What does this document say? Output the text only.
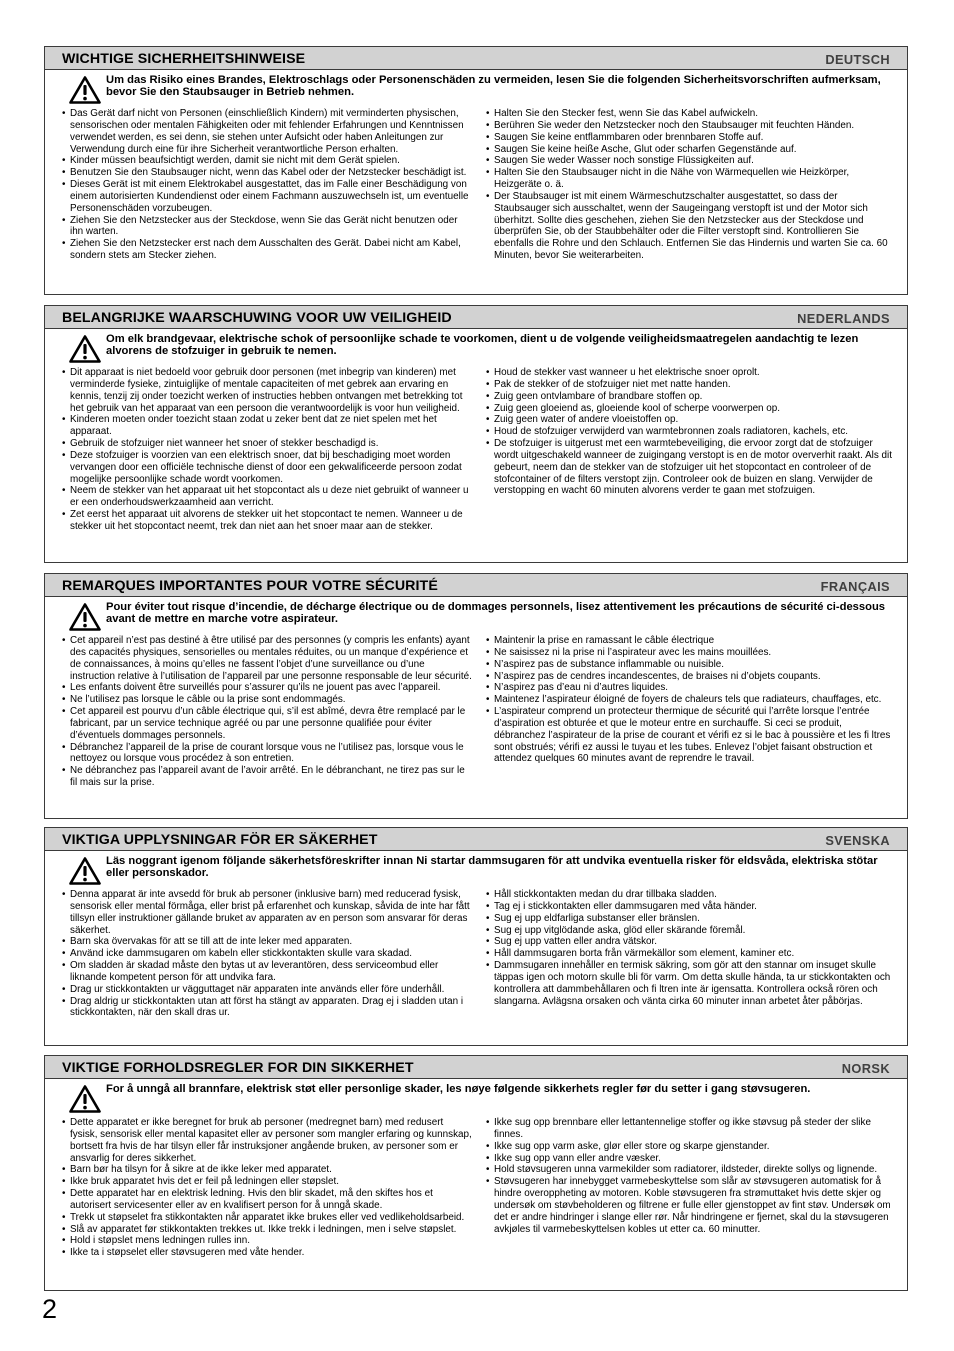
WICHTIGE SICHERHEITSHINWEISE	DEUTSCH
Um das Risiko eines Brandes, Elektroschlags oder Personenschäden zu vermeiden, lesen Sie die folgenden Sicherheitsvorschriften aufmerksam, bevor Sie den Staubsauger in Betrieb nehmen.
• Das Gerät darf nicht von Personen (einschließlich Kindern) mit verminderten physischen, sensorischen oder mentalen Fähigkeiten oder mit fehlender Erfahrungen und Kenntnissen verwendet werden, es sei denn, sie stehen unter Aufsicht oder haben Anleitungen zur Verwendung durch eine für ihre Sicherheit verantwortliche Person erhalten.
• Kinder müssen beaufsichtigt werden, damit sie nicht mit dem Gerät spielen.
• Benutzen Sie den Staubsauger nicht, wenn das Kabel oder der Netzstecker beschädigt ist.
• Dieses Gerät ist mit einem Elektrokabel ausgestattet, das im Falle einer Beschädigung von einem autorisierten Kundendienst oder einem Fachmann auszuwechseln ist, um eventuelle Personenschäden vorzubeugen.
• Ziehen Sie den Netzstecker aus der Steckdose, wenn Sie das Gerät nicht benutzen oder ihn warten.
• Ziehen Sie den Netzstecker erst nach dem Ausschalten des Gerät. Dabei nicht am Kabel, sondern stets am Stecker ziehen.
• Halten Sie den Stecker fest, wenn Sie das Kabel aufwickeln.
• Berühren Sie weder den Netzstecker noch den Staubsauger mit feuchten Händen.
• Saugen Sie keine entflammbaren oder brennbaren Stoffe auf.
• Saugen Sie keine heiße Asche, Glut oder scharfen Gegenstände auf.
• Saugen Sie weder Wasser noch sonstige Flüssigkeiten auf.
• Halten Sie den Staubsauger nicht in die Nähe von Wärmequellen wie Heizkörper, Heizgeräte o. ä.
• Der Staubsauger ist mit einem Wärmeschutzschalter ausgestattet, so dass der Staubsauger sich ausschaltet, wenn der Saugeingang verstopft ist und der Motor sich überhitzt. Sollte dies geschehen, ziehen Sie den Netzstecker aus der Steckdose und überprüfen Sie, ob der Staubbehälter oder die Filter verstopft sind. Kontrollieren Sie ebenfalls die Rohre und den Schlauch. Entfernen Sie das Hindernis und warten Sie ca. 60 Minuten, bevor Sie weiterarbeiten.
BELANGRIJKE WAARSCHUWING VOOR UW VEILIGHEID	NEDERLANDS
Om elk brandgevaar, elektrische schok of persoonlijke schade te voorkomen, dient u de volgende veiligheidsmaatregelen aandachtig te lezen alvorens de stofzuiger in gebruik te nemen.
• Dit apparaat is niet bedoeld voor gebruik door personen (met inbegrip van kinderen) met verminderde fysieke, zintuiglijke of mentale capaciteiten of met gebrek aan ervaring en kennis, tenzij zij onder toezicht werken of instructies hebben ontvangen met betrekking tot het gebruik van het apparaat van een persoon die verantwoordelijk is voor hun veiligheid.
• Kinderen moeten onder toezicht staan zodat u zeker bent dat ze niet spelen met het apparaat.
• Gebruik de stofzuiger niet wanneer het snoer of stekker beschadigd is.
• Deze stofzuiger is voorzien van een elektrisch snoer, dat bij beschadiging moet worden vervangen door een officiële technische dienst of door een gekwalificeerde persoon zodat mogelijke persoonlijke schade wordt voorkomen.
• Neem de stekker van het apparaat uit het stopcontact als u deze niet gebruikt of wanneer u er een onderhoudswerkzaamheid aan verricht.
• Zet eerst het apparaat uit alvorens de stekker uit het stopcontact te nemen. Wanneer u de stekker uit het stopcontact neemt, trek dan niet aan het snoer maar aan de stekker.
• Houd de stekker vast wanneer u het elektrische snoer oprolt.
• Pak de stekker of de stofzuiger niet met natte handen.
• Zuig geen ontvlambare of brandbare stoffen op.
• Zuig geen gloeiend as, gloeiende kool of scherpe voorwerpen op.
• Zuig geen water of andere vloeistoffen op.
• Houd de stofzuiger verwijderd van warmtebronnen zoals radiatoren, kachels, etc.
• De stofzuiger is uitgerust met een warmtebeveiliging, die ervoor zorgt dat de stofzuiger wordt uitgeschakeld wanneer de zuigingang verstopt is en de motor oververhit raakt. Als dit gebeurt, neem dan de stekker van de stofzuiger uit het stopcontact en controleer of de stofcontainer of de filters verstopt zijn. Controleer ook de buizen en slang. Verwijder de verstopping en wacht 60 minuten alvorens verder te gaan met stofzuigen.
REMARQUES IMPORTANTES POUR VOTRE SÉCURITÉ	FRANÇAIS
Pour éviter tout risque d’incendie, de décharge électrique ou de dommages personnels, lisez attentivement les précautions de sécurité ci-dessous avant de mettre en marche votre aspirateur.
• Cet appareil n’est pas destiné à être utilisé par des personnes (y compris les enfants) ayant des capacités physiques, sensorielles ou mentales réduites, ou un manque d’expérience et de connaissances, à moins qu’elles ne fassent l’objet d’une surveillance ou d’une instruction relative à l’utilisation de l’appareil par une personne responsable de leur sécurité.
• Les enfants doivent être surveillés pour s’assurer qu’ils ne jouent pas avec l’appareil.
• Ne l’utilisez pas lorsque le câble ou la prise sont endommagés.
• Cet appareil est pourvu d’un câble électrique qui, s’il est abîmé, devra être remplacé par le fabricant, par un service technique agréé ou par une personne qualifiée pour éviter d’éventuels dommages personnels.
• Débranchez l’appareil de la prise de courant lorsque vous ne l’utilisez pas, lorsque vous le nettoyez ou lorsque vous procédez à son entretien.
• Ne débranchez pas l’appareil avant de l’avoir arrêté. En le débranchant, ne tirez pas sur le fil mais sur la prise.
• Maintenir la prise en ramassant le câble électrique
• Ne saisissez ni la prise ni l’aspirateur avec les mains mouillées.
• N’aspirez pas de substance inflammable ou nuisible.
• N’aspirez pas de cendres incandescentes, de braises ni d’objets coupants.
• N’aspirez pas d’eau ni d’autres liquides.
• Maintenez l’aspirateur éloigné de foyers de chaleurs tels que radiateurs, chauffages, etc.
• L’aspirateur comprend un protecteur thermique de sécurité qui l’arrête lorsque l’entrée d’aspiration est obturée et que le moteur entre en surchauffe. Si ceci se produit, débranchez l’aspirateur de la prise de courant et vérifi ez si le bac à poussière et les fi ltres sont obstrués; vérifi ez aussi le tuyau et les tubes. Enlevez l’objet faisant obstruction et attendez quelques 60 minutes avant de reprendre le travail.
VIKTIGA UPPLYSNINGAR FÖR ER SÄKERHET	SVENSKA
Läs noggrant igenom följande säkerhetsföreskrifter innan Ni startar dammsugaren för att undvika eventuella risker för eldsvåda, elektriska stötar eller personskador.
• Denna apparat är inte avsedd för bruk ab personer (inklusive barn) med reducerad fysisk, sensorisk eller mental förmåga, eller brist på erfarenhet och kunskap, såvida de inte har fått tillsyn eller instruktioner gällande bruket av apparaten av en person som ansvarar för deras säkerhet.
• Barn ska övervakas för att se till att de inte leker med apparaten.
• Använd icke dammsugaren om kabeln eller stickkontakten skulle vara skadad.
• Om sladden är skadad måste den bytas ut av leverantören, dess serviceombud eller liknande kompetent person för att undvika fara.
• Drag ur stickkontakten ur vägguttaget när apparaten inte används eller före underhåll.
• Drag aldrig ur stickkontakten utan att först ha stängt av apparaten. Drag ej i sladden utan i stickkontakten, när den skall dras ur.
• Håll stickkontakten medan du drar tillbaka sladden.
• Tag ej i stickkontakten eller dammsugaren med våta händer.
• Sug ej upp eldfarliga substanser eller bränslen.
• Sug ej upp vitglödande aska, glöd eller skärande föremål.
• Sug ej upp vatten eller andra vätskor.
• Håll dammsugaren borta från värmekällor som element, kaminer etc.
• Dammsugaren innehåller en termisk säkring, som gör att den stannar om insuget skulle täppas igen och motorn skulle bli för varm. Om detta skulle hända, ta ur stickkontakten och kontrollera att dammbehållaren och fi ltren inte är igensatta. Kontrollera också rören och slangarna. Avlägsna orsaken och vänta cirka 60 minuter innan arbetet åter påbörjas.
VIKTIGE FORHOLDSREGLER FOR DIN SIKKERHET	NORSK
For å unngå all brannfare, elektrisk støt eller personlige skader, les nøye følgende sikkerhets regler før du setter i gang støvsugeren.
• Dette apparatet er ikke beregnet for bruk ab personer (medregnet barn) med redusert fysisk, sensorisk eller mental kapasitet eller av personer som mangler erfaring og kunnskap, bortsett fra hvis de har tilsyn eller får instruksjoner angående bruken, av personer som er ansvarlig for deres sikkerhet.
• Barn bør ha tilsyn for å sikre at de ikke leker med apparatet.
• Ikke bruk apparatet hvis det er feil på ledningen eller støpslet.
• Dette apparatet har en elektrisk ledning. Hvis den blir skadet, må den skiftes hos et autorisert servicesenter eller av en kvalifisert person for å unngå skade.
• Trekk ut støpselet fra stikkontakten når apparatet ikke brukes eller ved vedlikeholdsarbeid.
• Slå av apparatet før stikkontakten trekkes ut. Ikke trekk i ledningen, men i selve støpslet.
• Hold i støpslet mens ledningen rulles inn.
• Ikke ta i støpselet eller støvsugeren med våte hender.
• Ikke sug opp brennbare eller lettantennelige stoffer og ikke støvsug på steder der slike finnes.
• Ikke sug opp varm aske, glør eller store og skarpe gjenstander.
• Ikke sug opp vann eller andre væsker.
• Hold støvsugeren unna varmekilder som radiatorer, ildsteder, direkte sollys og lignende.
• Støvsugeren har innebygget varmebeskyttelse som slår av støvsugeren automatisk for å hindre overoppheting av motoren. Koble støvsugeren fra strømuttaket hvis dette skjer og undersøk om støvbeholderen og filtrene er fulle eller gjenstoppet av fint støv. Undersøk om det er andre hindringer i slange eller rør. Når hindringene er fjernet, skal du la støvsugeren avkjøles til varmebeskyttelsen kobles ut etter ca. 60 minutter.
2
